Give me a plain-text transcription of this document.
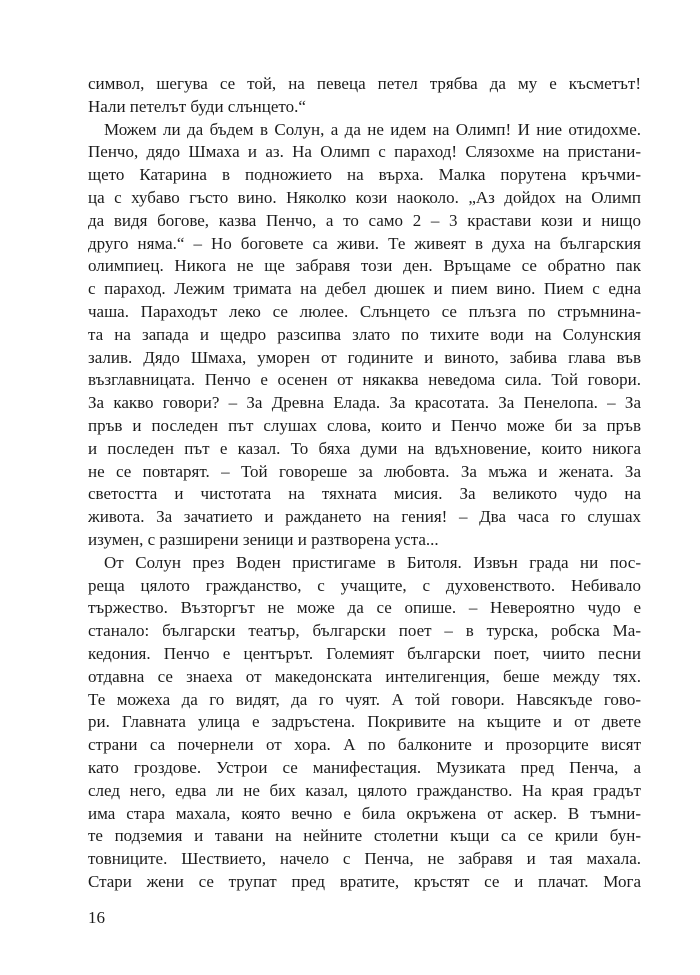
символ, шегува се той, на певеца петел трябва да му е късметът!
Нали петелът буди слънцето.“
Можем ли да бъдем в Солун, а да не идем на Олимп! И ние отидохме.
Пенчо, дядо Шмаха и аз. На Олимп с параход! Слязохме на пристани-
щето Катарина в подножието на върха. Малка порутена кръчми-
ца с хубаво гъсто вино. Няколко кози наоколо. „Аз дойдох на Олимп
да видя богове, казва Пенчо, а то само 2 – 3 крастави кози и нищо
друго няма.“ – Но боговете са живи. Те живеят в духа на българския
олимпиец. Никога не ще забравя този ден. Връщаме се обратно пак
с параход. Лежим тримата на дебел дюшек и пием вино. Пием с една
чаша. Параходът леко се люлее. Слънцето се плъзга по стръмнина-
та на запада и щедро разсипва злато по тихите води на Солунския
залив. Дядо Шмаха, уморен от годините и виното, забива глава във
възглавницата. Пенчо е осенен от някаква неведома сила. Той говори.
За какво говори? – За Древна Елада. За красотата. За Пенелопа. – За
пръв и последен път слушах слова, които и Пенчо може би за пръв
и последен път е казал. То бяха думи на вдъхновение, които никога
не се повтарят. – Той говореше за любовта. За мъжа и жената. За
светостта и чистотата на тяхната мисия. За великото чудо на
живота. За зачатието и раждането на гения! – Два часа го слушах
изумен, с разширени зеници и разтворена уста...
От Солун през Воден пристигаме в Битоля. Извън града ни пос-
реща цялото гражданство, с учащите, с духовенството. Небивало
тържество. Възторгът не може да се опише. – Невероятно чудо е
станало: български театър, български поет – в турска, робска Ма-
кедония. Пенчо е центърът. Големият български поет, чиито песни
отдавна се знаеха от македонската интелигенция, беше между тях.
Те можеха да го видят, да го чуят. А той говори. Навсякъде гово-
ри. Главната улица е задръстена. Покривите на къщите и от двете
страни са почернели от хора. А по балконите и прозорците висят
като гроздове. Устрои се манифестация. Музиката пред Пенча, а
след него, едва ли не бих казал, цялото гражданство. На края градът
има стара махала, която вечно е била окръжена от аскер. В тъмни-
те подземия и тавани на нейните столетни къщи са се крили бун-
товниците. Шествието, начело с Пенча, не забравя и тая махала.
Стари жени се трупат пред вратите, кръстят се и плачат. Мога
16
